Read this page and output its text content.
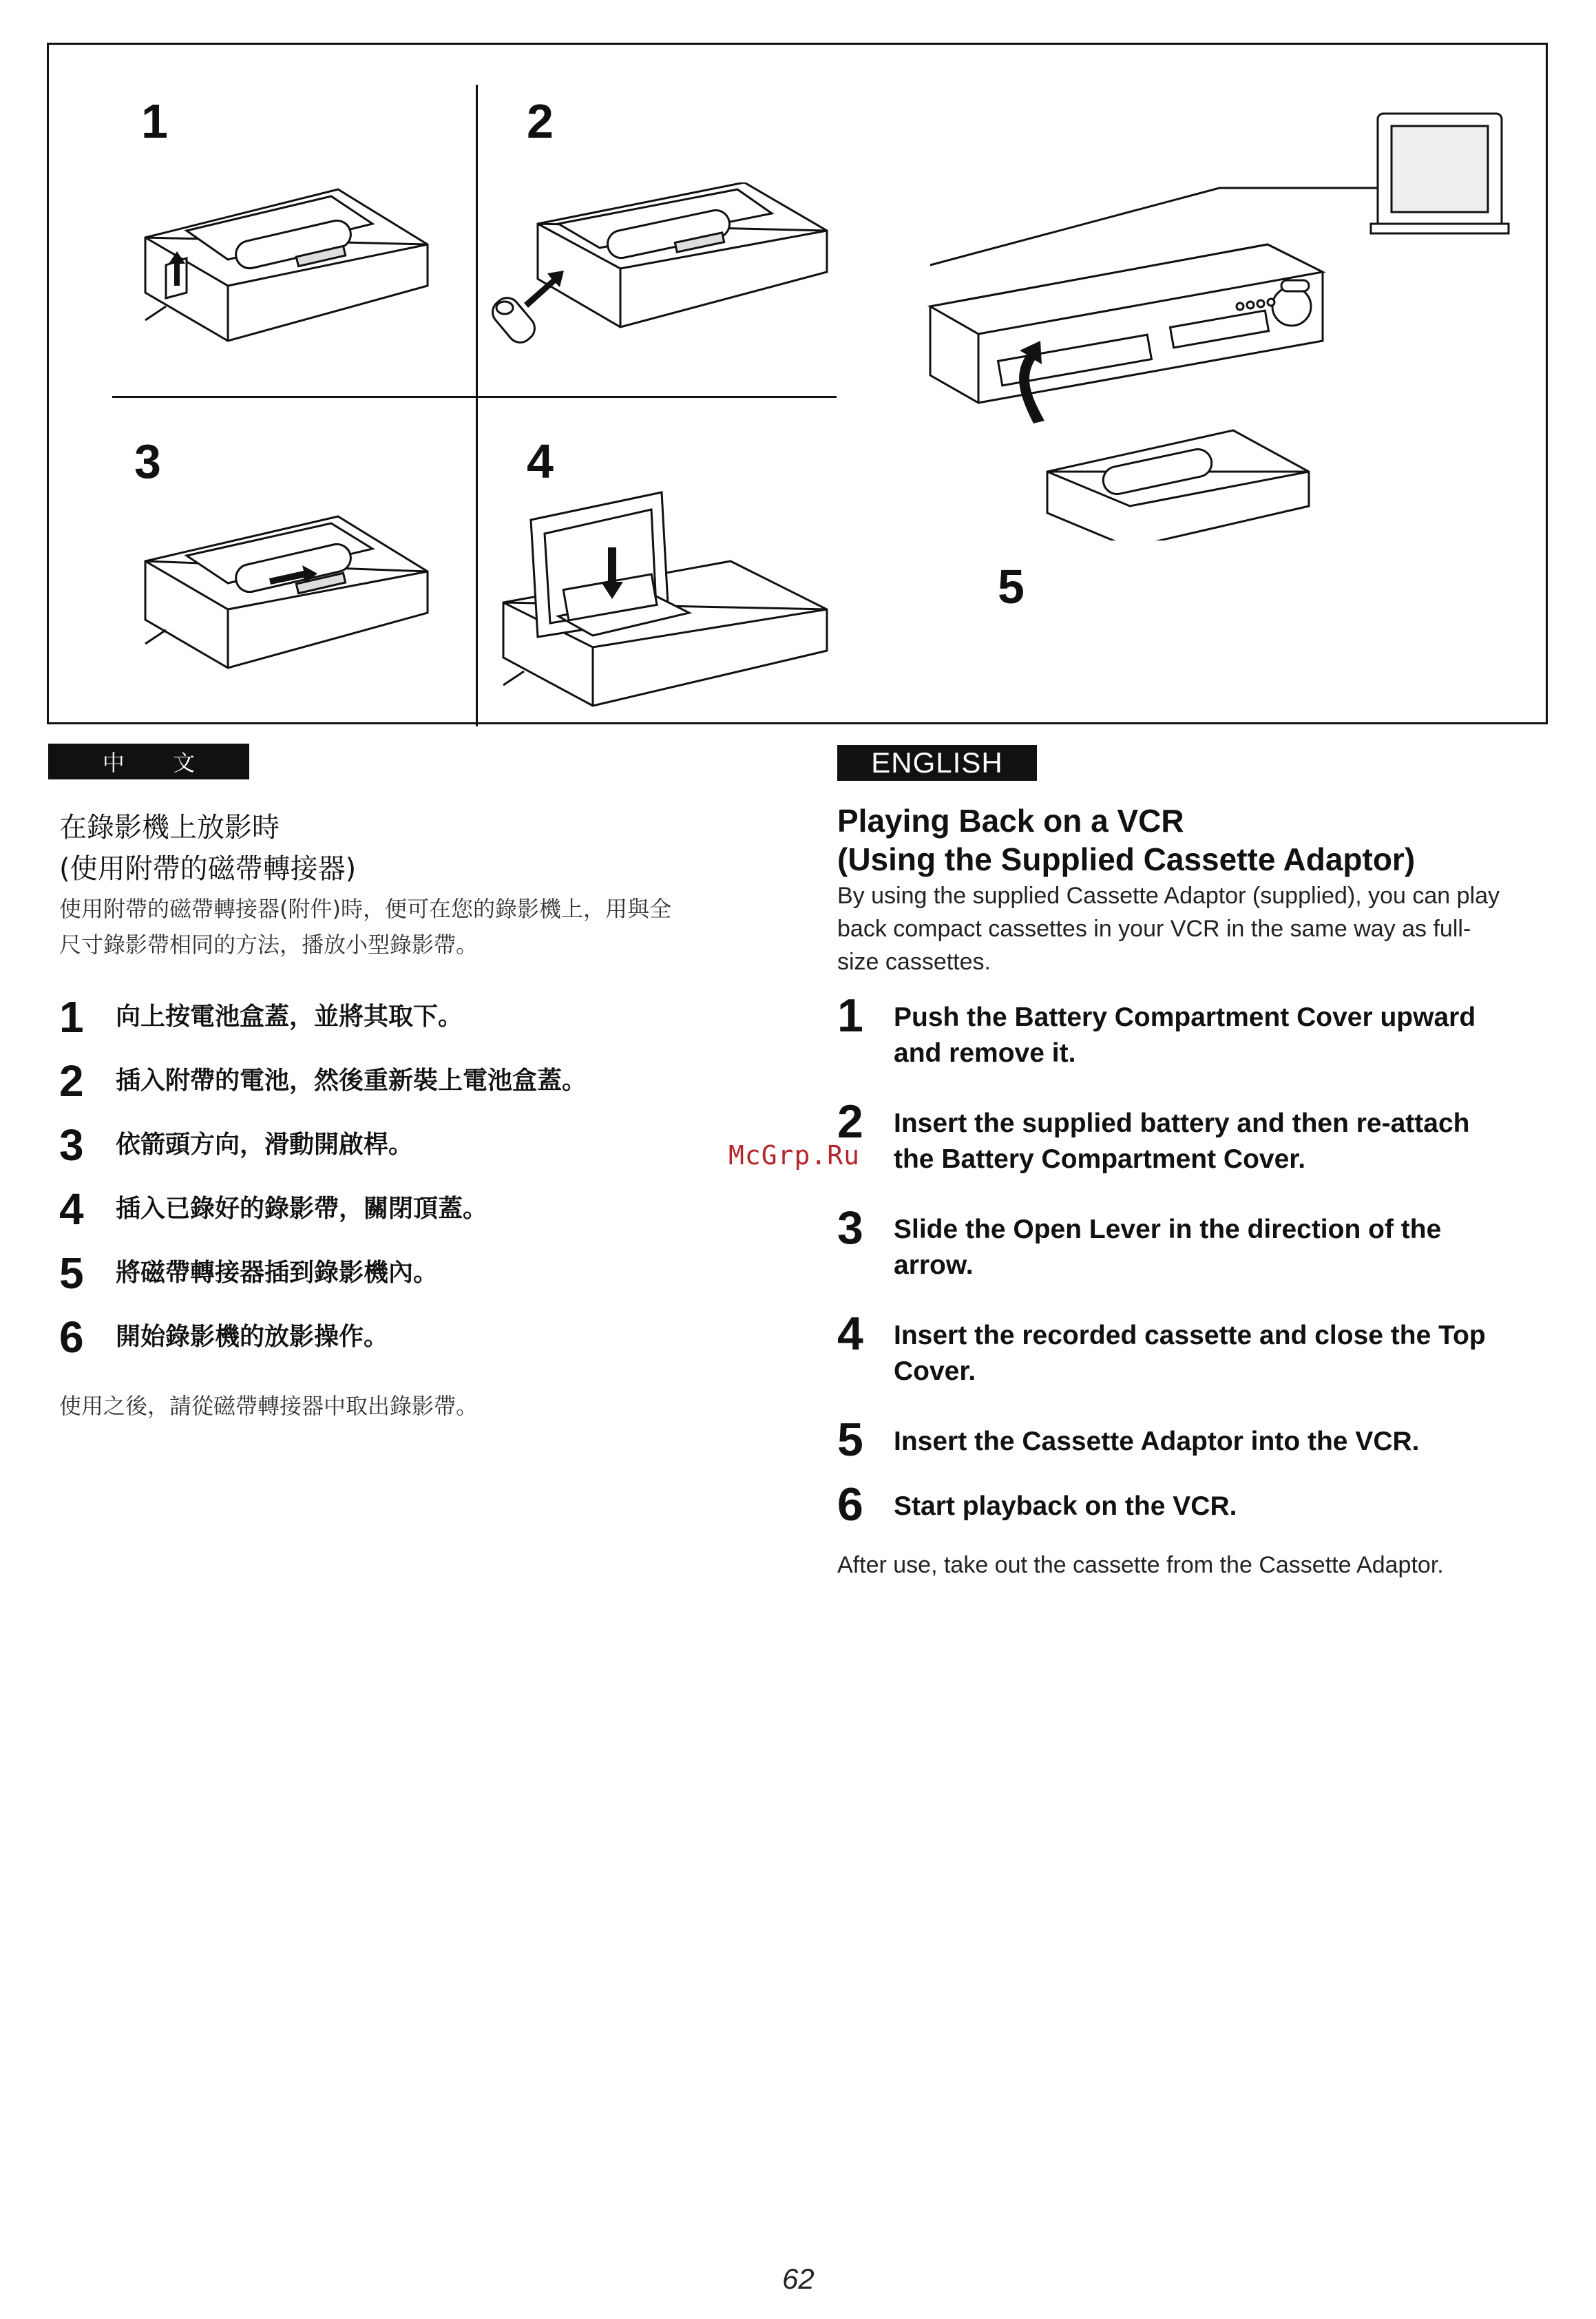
1	2
3	4
5
中 文	ENGLISH
在錄影機上放影時
(使用附帶的磁帶轉接器)
使用附帶的磁帶轉接器(附件)時，便可在您的錄影機上，用與全
尺寸錄影帶相同的方法，播放小型錄影帶。
1	向上按電池盒蓋，並將其取下。
2	插入附帶的電池，然後重新裝上電池盒蓋。
3	依箭頭方向，滑動開啟桿。
4	插入已錄好的錄影帶，關閉頂蓋。
5	將磁帶轉接器插到錄影機內。
6	開始錄影機的放影操作。
使用之後，請從磁帶轉接器中取出錄影帶。
Playing Back on a VCR
(Using the Supplied Cassette Adaptor)
By using the supplied Cassette Adaptor (supplied), you can play
back compact cassettes in your VCR in the same way as full-
size cassettes.
1	Push the Battery Compartment Cover upward
and remove it.
2	Insert the supplied battery and then re-attach
the Battery Compartment Cover.
3	Slide the Open Lever in the direction of the
arrow.
4	Insert the recorded cassette and close the Top
Cover.
5	Insert the Cassette Adaptor into the VCR.
6	Start playback on the VCR.
After use, take out the cassette from the Cassette Adaptor.
McGrp.Ru
62
